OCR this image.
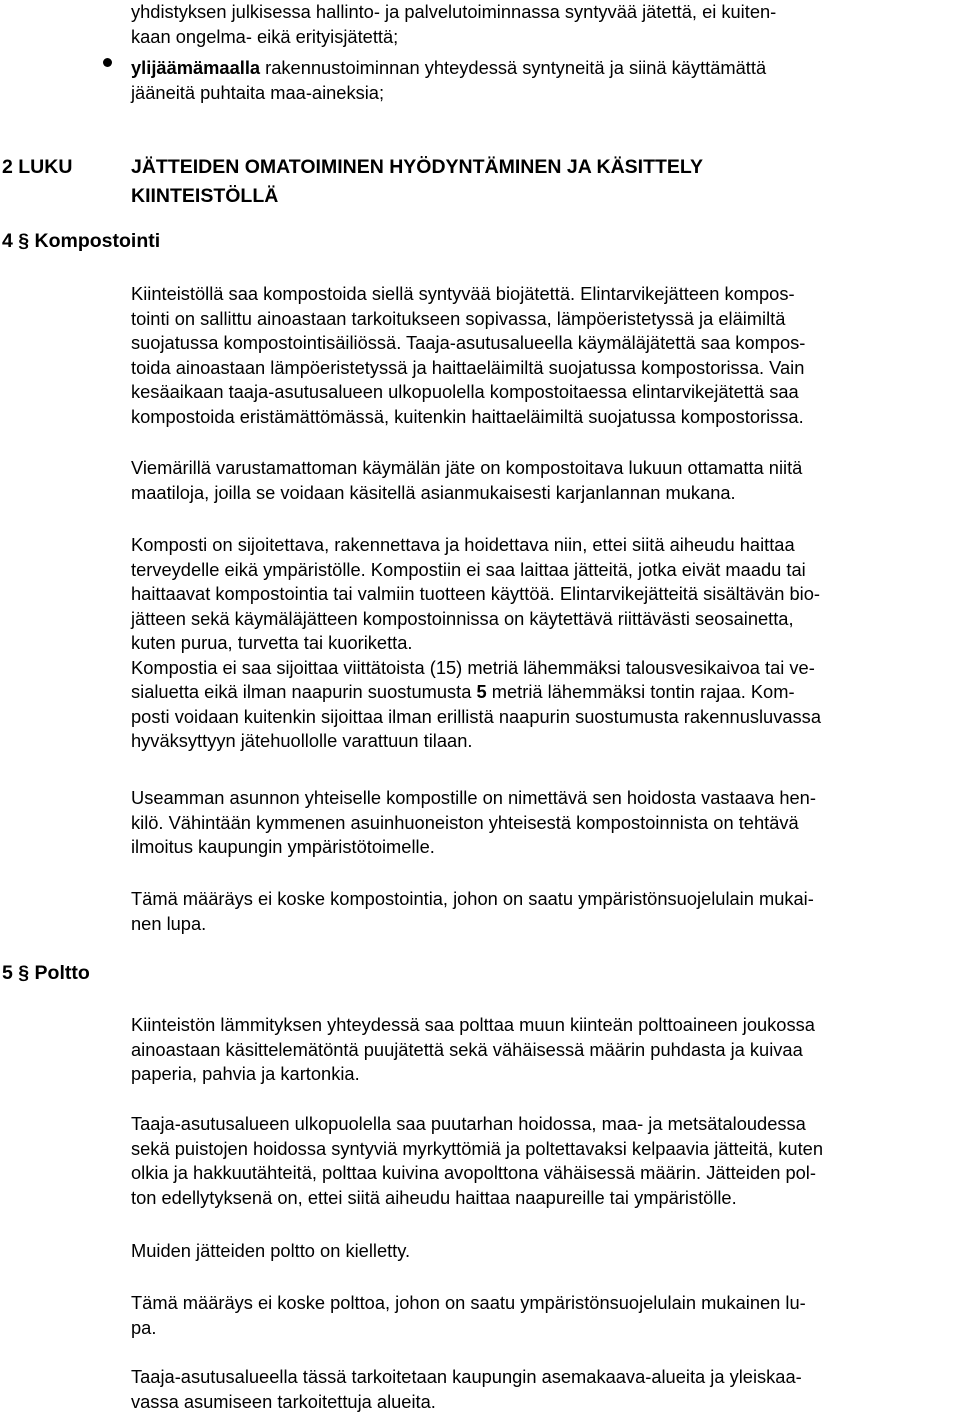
yhdistyksen julkisessa hallinto- ja palvelutoiminnassa syntyvää jätettä, ei kuiten-

kaan ongelma- eikä erityisjätettä;

ylijäämämaalla rakennustoiminnan yhteydessä syntyneitä ja siinä käyttämättä

jääneitä puhtaita maa-aineksia;

2 LUKU	JÄTTEIDEN OMATOIMINEN HYÖDYNTÄMINEN JA KÄSITTELY
KIINTEISTÖLLÄ
4 § Kompostointi

Kiinteistöllä saa kompostoida siellä syntyvää biojätettä. Elintarvikejätteen kompos-

tointi on sallittu ainoastaan tarkoitukseen sopivassa, lämpöeristetyssä ja eläimiltä

suojatussa kompostointisäiliössä. Taaja-asutusalueella käymäläjätettä saa kompos-

toida ainoastaan lämpöeristetyssä ja haittaeläimiltä suojatussa kompostorissa. Vain

kesäaikaan taaja-asutusalueen ulkopuolella kompostoitaessa elintarvikejätettä saa

kompostoida eristämättömässä, kuitenkin haittaeläimiltä suojatussa kompostorissa.

Viemärillä varustamattoman käymälän jäte on kompostoitava lukuun ottamatta niitä

maatiloja, joilla se voidaan käsitellä asianmukaisesti karjanlannan mukana.

Komposti on sijoitettava, rakennettava ja hoidettava niin, ettei siitä aiheudu haittaa

terveydelle eikä ympäristölle. Kompostiin ei saa laittaa jätteitä, jotka eivät maadu tai

haittaavat kompostointia tai valmiin tuotteen käyttöä. Elintarvikejätteitä sisältävän bio-

jätteen sekä käymäläjätteen kompostoinnissa on käytettävä riittävästi seosainetta,

kuten purua, turvetta tai kuoriketta.

Kompostia ei saa sijoittaa viittätoista (15) metriä lähemmäksi talousvesikaivoa tai ve-

sialuetta eikä ilman naapurin suostumusta 5 metriä lähemmäksi tontin rajaa. Kom-

posti voidaan kuitenkin sijoittaa ilman erillistä naapurin suostumusta rakennusluvassa

hyväksyttyyn jätehuollolle varattuun tilaan.

Useamman asunnon yhteiselle kompostille on nimettävä sen hoidosta vastaava hen-

kilö. Vähintään kymmenen asuinhuoneiston yhteisestä kompostoinnista on tehtävä

ilmoitus kaupungin ympäristötoimelle.

Tämä määräys ei koske kompostointia, johon on saatu ympäristönsuojelulain mukai-

nen lupa.

5 § Poltto

Kiinteistön lämmityksen yhteydessä saa polttaa muun kiinteän polttoaineen joukossa

ainoastaan käsittelemätöntä puujätettä sekä vähäisessä määrin puhdasta ja kuivaa

paperia, pahvia ja kartonkia.

Taaja-asutusalueen ulkopuolella saa puutarhan hoidossa, maa- ja metsätaloudessa

sekä puistojen hoidossa syntyviä myrkyttömiä ja poltettavaksi kelpaavia jätteitä, kuten

olkia ja hakkuutähteitä, polttaa kuivina avopolttona vähäisessä määrin. Jätteiden pol-

ton edellytyksenä on, ettei siitä aiheudu haittaa naapureille tai ympäristölle.

Muiden jätteiden poltto on kielletty.

Tämä määräys ei koske polttoa, johon on saatu ympäristönsuojelulain mukainen lu-

pa.

Taaja-asutusalueella tässä tarkoitetaan kaupungin asemakaava-alueita ja yleiskaa-

vassa asumiseen tarkoitettuja alueita.
